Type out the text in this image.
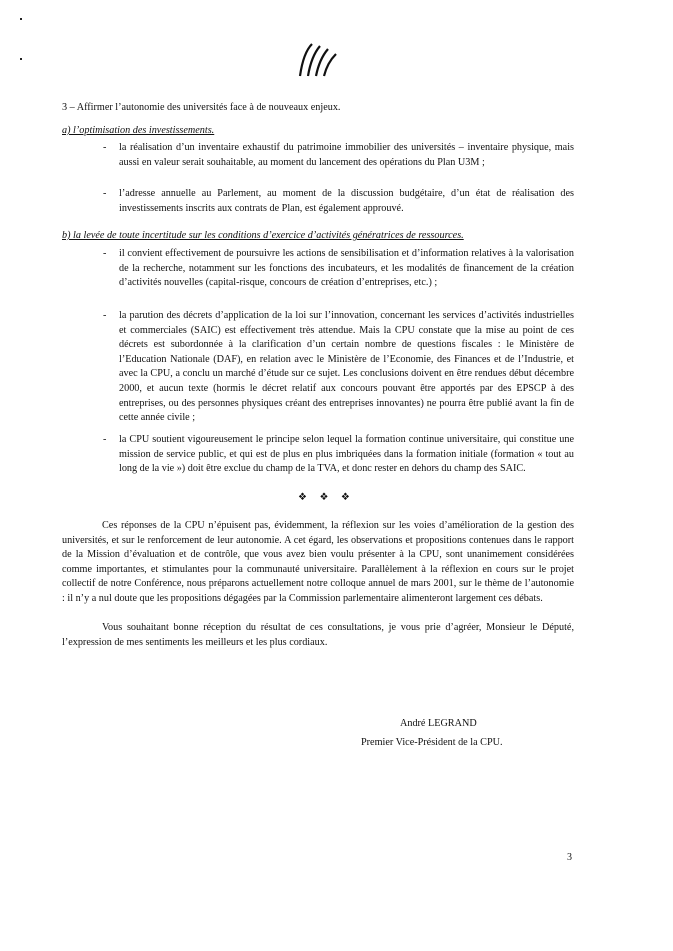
3 – Affirmer l’autonomie des universités face à de nouveaux enjeux.

a) l’optimisation des investissements.

- la réalisation d’un inventaire exhaustif du patrimoine immobilier des universités – inventaire physique, mais aussi en valeur serait souhaitable, au moment du lancement des opérations du Plan U3M ;

- l’adresse annuelle au Parlement, au moment de la discussion budgétaire, d’un état de réalisation des investissements inscrits aux contrats de Plan, est également approuvé.

b) la levée de toute incertitude sur les conditions d’exercice d’activités génératrices de ressources.

- il convient effectivement de poursuivre les actions de sensibilisation et d’information relatives à la valorisation de la recherche, notamment sur les fonctions des incubateurs, et les modalités de financement de la création d’activités nouvelles (capital-risque, concours de création d’entreprises, etc.) ;

- la parution des décrets d’application de la loi sur l’innovation, concernant les services d’activités industrielles et commerciales (SAIC) est effectivement très attendue. Mais la CPU constate que la mise au point de ces décrets est subordonnée à la clarification d’un certain nombre de questions fiscales : le Ministère de l’Education Nationale (DAF), en relation avec le Ministère de l’Economie, des Finances et de l’Industrie, et avec la CPU, a conclu un marché d’étude sur ce sujet. Les conclusions doivent en être rendues début décembre 2000, et aucun texte (hormis le décret relatif aux concours pouvant être apportés par des EPSCP à des entreprises, ou des personnes physiques créant des entreprises innovantes) ne pourra être publié avant la fin de cette année civile ;

- la CPU soutient vigoureusement le principe selon lequel la formation continue universitaire, qui constitue une mission de service public, et qui est de plus en plus imbriquées dans la formation initiale (formation « tout au long de la vie ») doit être exclue du champ de la TVA, et donc rester en dehors du champ des SAIC.

❖ ❖ ❖

Ces réponses de la CPU n’épuisent pas, évidemment, la réflexion sur les voies d’amélioration de la gestion des universités, et sur le renforcement de leur autonomie. A cet égard, les observations et propositions contenues dans le rapport de la Mission d’évaluation et de contrôle, que vous avez bien voulu présenter à la CPU, sont unanimement considérées comme importantes, et stimulantes pour la communauté universitaire. Parallèlement à la réflexion en cours sur le projet collectif de notre Conférence, nous préparons actuellement notre colloque annuel de mars 2001, sur le thème de l’autonomie : il n’y a nul doute que les propositions dégagées par la Commission parlementaire alimenteront largement ces débats.

Vous souhaitant bonne réception du résultat de ces consultations, je vous prie d’agréer, Monsieur le Député, l’expression de mes sentiments les meilleurs et les plus cordiaux.

André LEGRAND

Premier Vice-Président de la CPU.

3
